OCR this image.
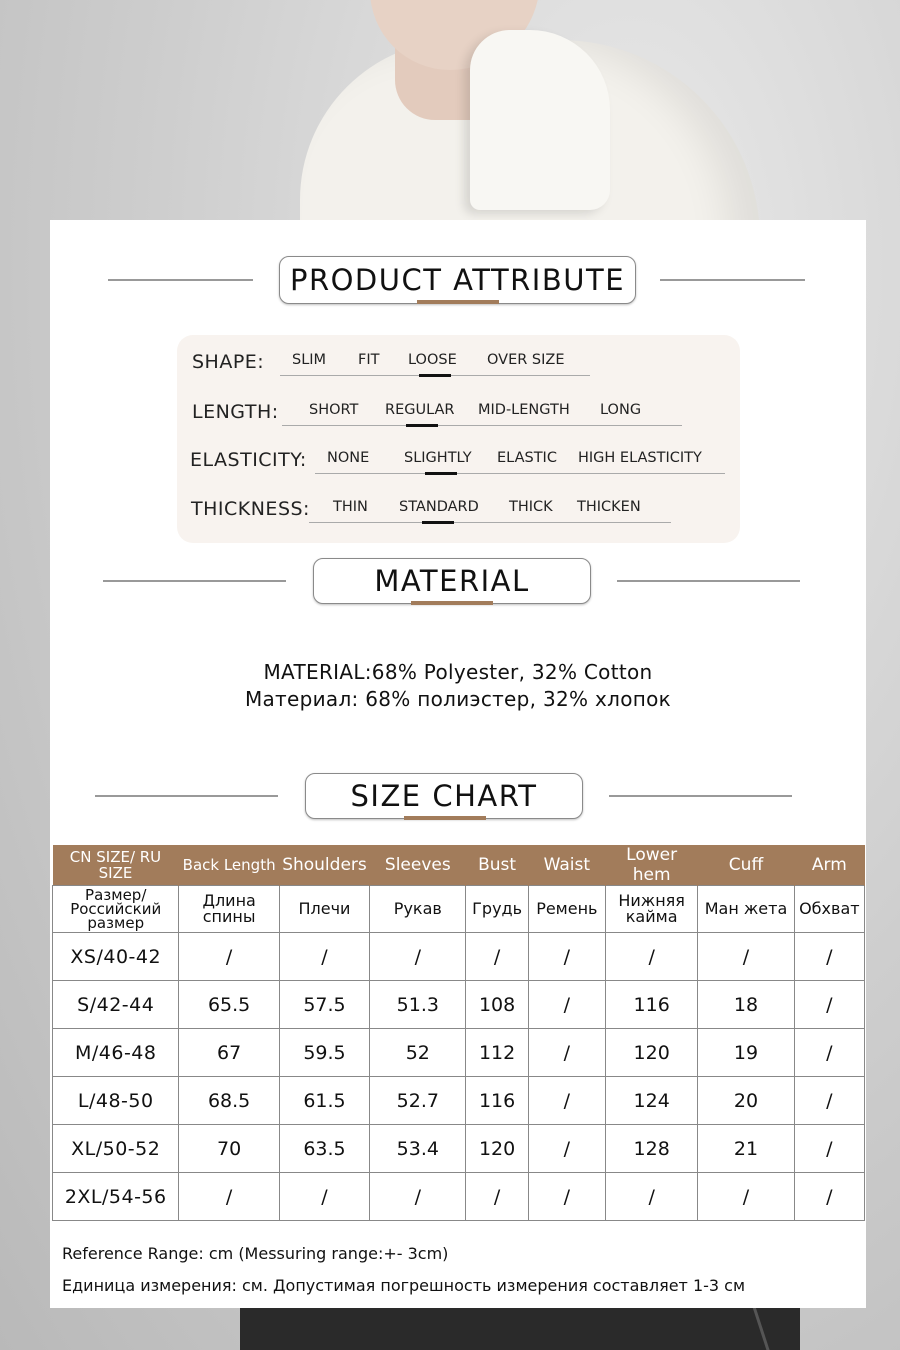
PRODUCT ATTRIBUTE
SHAPE: SLIM FIT LOOSE OVER SIZE
LENGTH: SHORT REGULAR MID-LENGTH LONG
ELASTICITY: NONE SLIGHTLY ELASTIC HIGH ELASTICITY
THICKNESS: THIN STANDARD THICK THICKEN
MATERIAL
MATERIAL:68% Polyester, 32% Cotton
Материал: 68% полиэстер, 32% хлопок
SIZE CHART
CN SIZE/ RU SIZE	Back Length	Shoulders	Sleeves	Bust	Waist	Lower hem	Cuff	Arm
Размер/ Российский размер	Длина спины	Плечи	Рукав	Грудь	Ремень	Нижняя кайма	Ман жета	Обхват
XS/40-42	/	/	/	/	/	/	/	/
S/42-44	65.5	57.5	51.3	108	/	116	18	/
M/46-48	67	59.5	52	112	/	120	19	/
L/48-50	68.5	61.5	52.7	116	/	124	20	/
XL/50-52	70	63.5	53.4	120	/	128	21	/
2XL/54-56	/	/	/	/	/	/	/	/
Reference Range: cm (Messuring range:+- 3cm)
Единица измерения: см. Допустимая погрешность измерения составляет 1-3 см
